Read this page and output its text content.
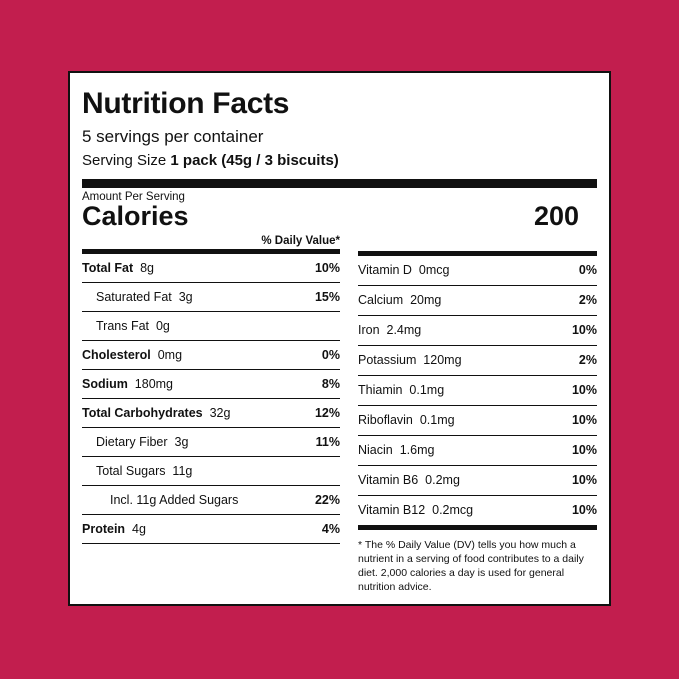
Nutrition Facts
5 servings per container
Serving Size 1 pack (45g / 3 biscuits)
Amount Per Serving
Calories	200
% Daily Value*
Total Fat  8g	10%
Saturated Fat  3g	15%
Trans Fat  0g
Cholesterol  0mg	0%
Sodium  180mg	8%
Total Carbohydrates  32g	12%
Dietary Fiber  3g	11%
Total Sugars  11g
Incl. 11g Added Sugars	22%
Protein  4g	4%
Vitamin D  0mcg	0%
Calcium  20mg	2%
Iron  2.4mg	10%
Potassium  120mg	2%
Thiamin  0.1mg	10%
Riboflavin  0.1mg	10%
Niacin  1.6mg	10%
Vitamin B6  0.2mg	10%
Vitamin B12  0.2mcg	10%
* The % Daily Value (DV) tells you how much a nutrient in a serving of food contributes to a daily diet. 2,000 calories a day is used for general nutrition advice.
